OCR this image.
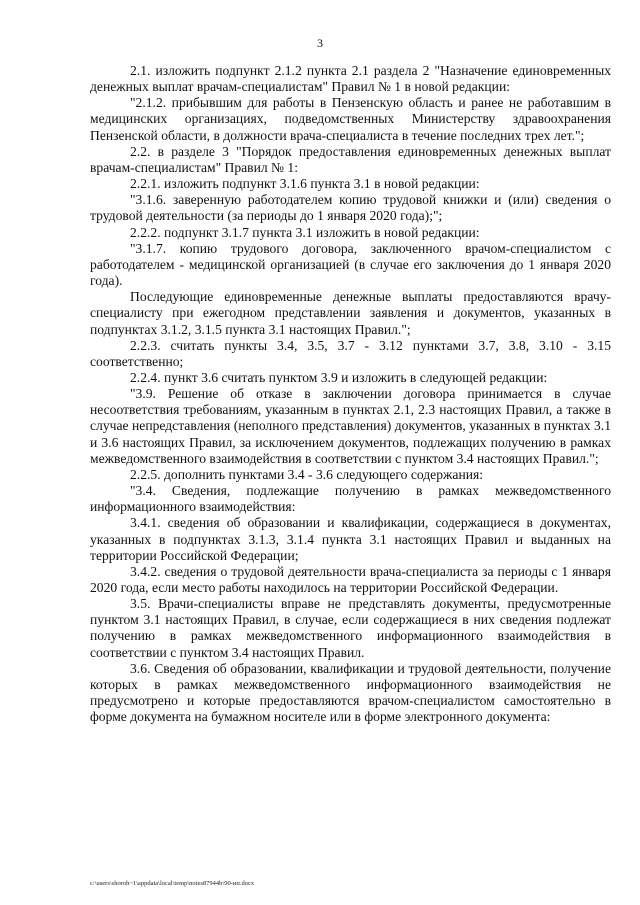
3

2.1. изложить подпункт 2.1.2 пункта 2.1 раздела 2 "Назначение единовременных денежных выплат врачам-специалистам" Правил № 1 в новой редакции:

"2.1.2. прибывшим для работы в Пензенскую область и ранее не работавшим в медицинских организациях, подведомственных Министерству здравоохранения Пензенской области, в должности врача-специалиста в течение последних трех лет.";

2.2. в разделе 3 "Порядок предоставления единовременных денежных выплат врачам-специалистам" Правил № 1:

2.2.1. изложить подпункт 3.1.6 пункта 3.1 в новой редакции:

"3.1.6. заверенную работодателем копию трудовой книжки и (или) сведения о трудовой деятельности (за периоды до 1 января 2020 года);";

2.2.2. подпункт 3.1.7 пункта 3.1 изложить в новой редакции:

"3.1.7. копию трудового договора, заключенного врачом-специалистом с работодателем - медицинской организацией (в случае его заключения до 1 января 2020 года).

Последующие единовременные денежные выплаты предоставляются врачу-специалисту при ежегодном представлении заявления и документов, указанных в подпунктах 3.1.2, 3.1.5 пункта 3.1 настоящих Правил.";

2.2.3. считать пункты 3.4, 3.5, 3.7 - 3.12 пунктами 3.7, 3.8, 3.10 - 3.15 соответственно;

2.2.4. пункт 3.6 считать пунктом 3.9 и изложить в следующей редакции:

"3.9. Решение об отказе в заключении договора принимается в случае несоответствия требованиям, указанным в пунктах 2.1, 2.3 настоящих Правил, а также в случае непредставления (неполного представления) документов, указанных в пунктах 3.1 и 3.6 настоящих Правил, за исключением документов, подлежащих получению в рамках межведомственного взаимодействия в соответствии с пунктом 3.4 настоящих Правил.";

2.2.5. дополнить пунктами 3.4 - 3.6 следующего содержания:

"3.4. Сведения, подлежащие получению в рамках межведомственного информационного взаимодействия:

3.4.1. сведения об образовании и квалификации, содержащиеся в документах, указанных в подпунктах 3.1.3, 3.1.4 пункта 3.1 настоящих Правил и выданных на территории Российской Федерации;

3.4.2. сведения о трудовой деятельности врача-специалиста за периоды с 1 января 2020 года, если место работы находилось на территории Российской Федерации.

3.5. Врачи-специалисты вправе не представлять документы, предусмотренные пунктом 3.1 настоящих Правил, в случае, если содержащиеся в них сведения подлежат получению в рамках межведомственного информационного взаимодействия в соответствии с пунктом 3.4 настоящих Правил.

3.6. Сведения об образовании, квалификации и трудовой деятельности, получение которых в рамках межведомственного информационного взаимодействия не предусмотрено и которые предоставляются врачом-специалистом самостоятельно в форме документа на бумажном носителе или в форме электронного документа:

c:\users\shoroh~1\appdata\local\temp\notes87944b\90-ип.docx
